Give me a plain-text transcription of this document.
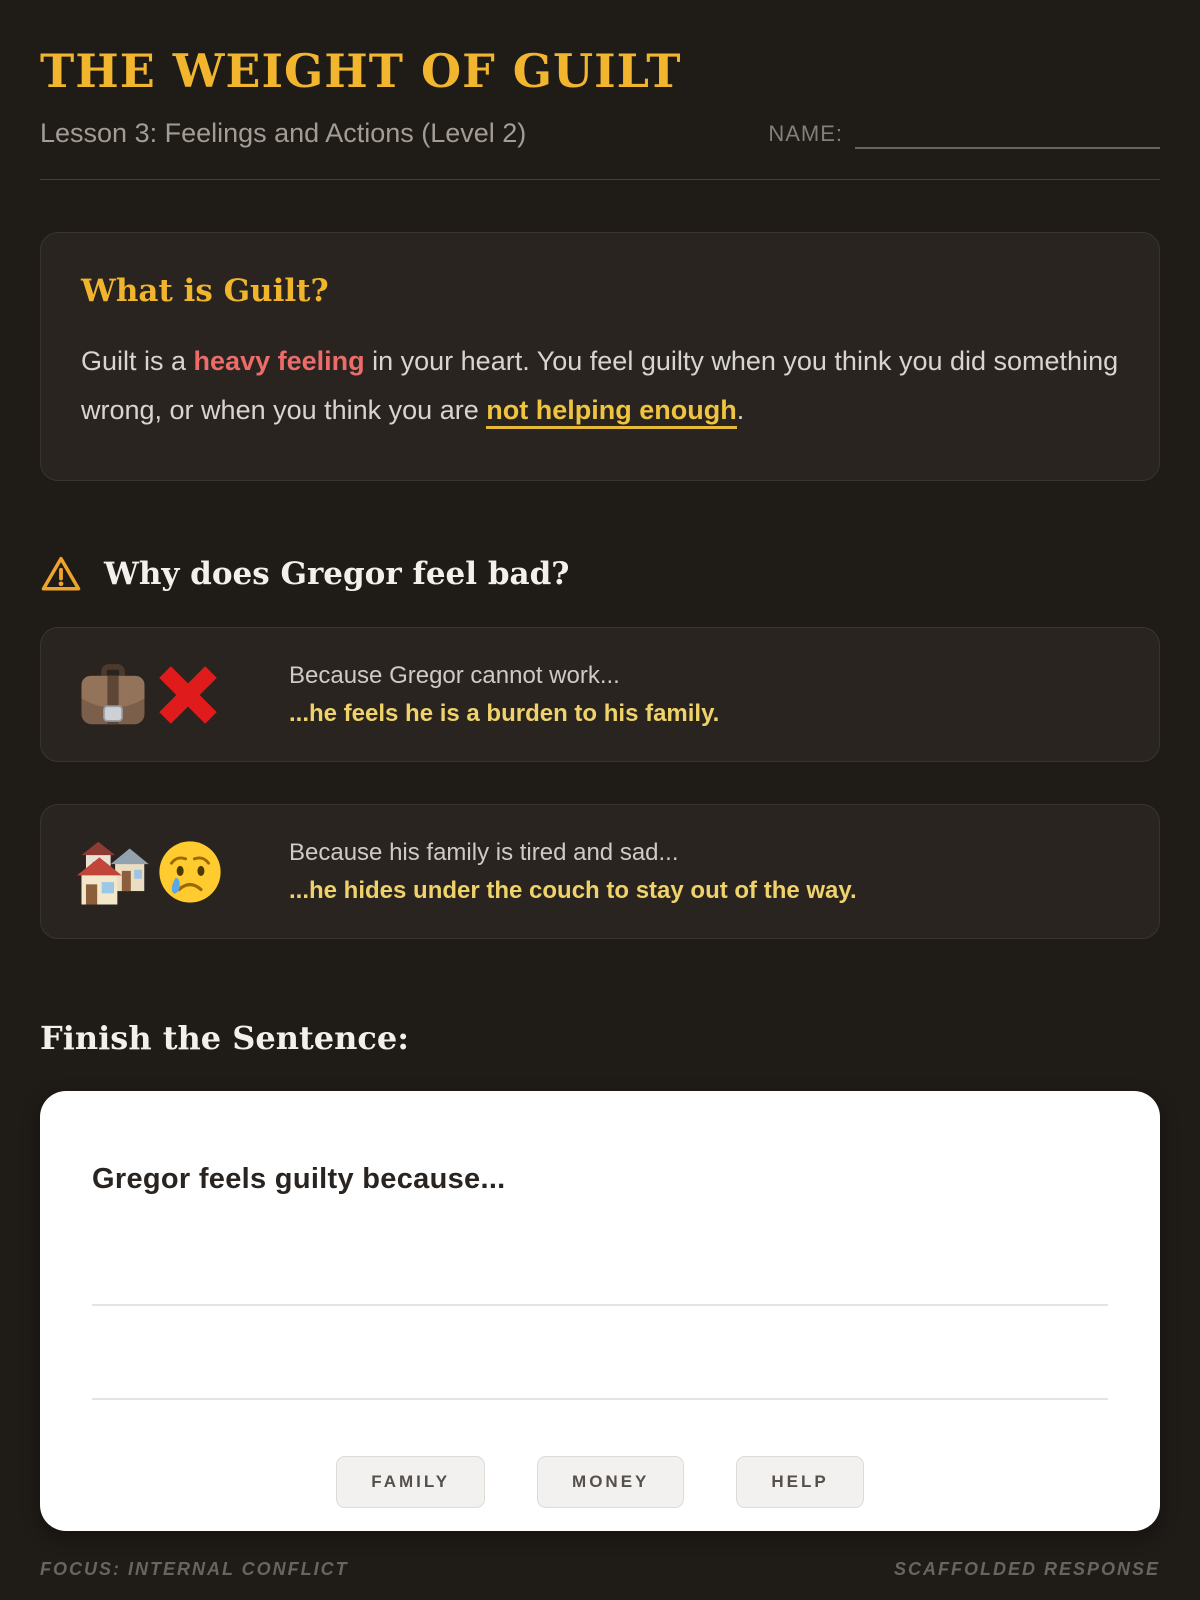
THE WEIGHT OF GUILT
Lesson 3: Feelings and Actions (Level 2)	NAME:
What is Guilt?

Guilt is a heavy feeling in your heart. You feel guilty when you think you did something wrong, or when you think you are not helping enough.

Why does Gregor feel bad?
Because Gregor cannot work...
...he feels he is a burden to his family.
Because his family is tired and sad...
...he hides under the couch to stay out of the way.
Finish the Sentence:
Gregor feels guilty because...
FAMILY	MONEY	HELP
FOCUS: INTERNAL CONFLICT	SCAFFOLDED RESPONSE
